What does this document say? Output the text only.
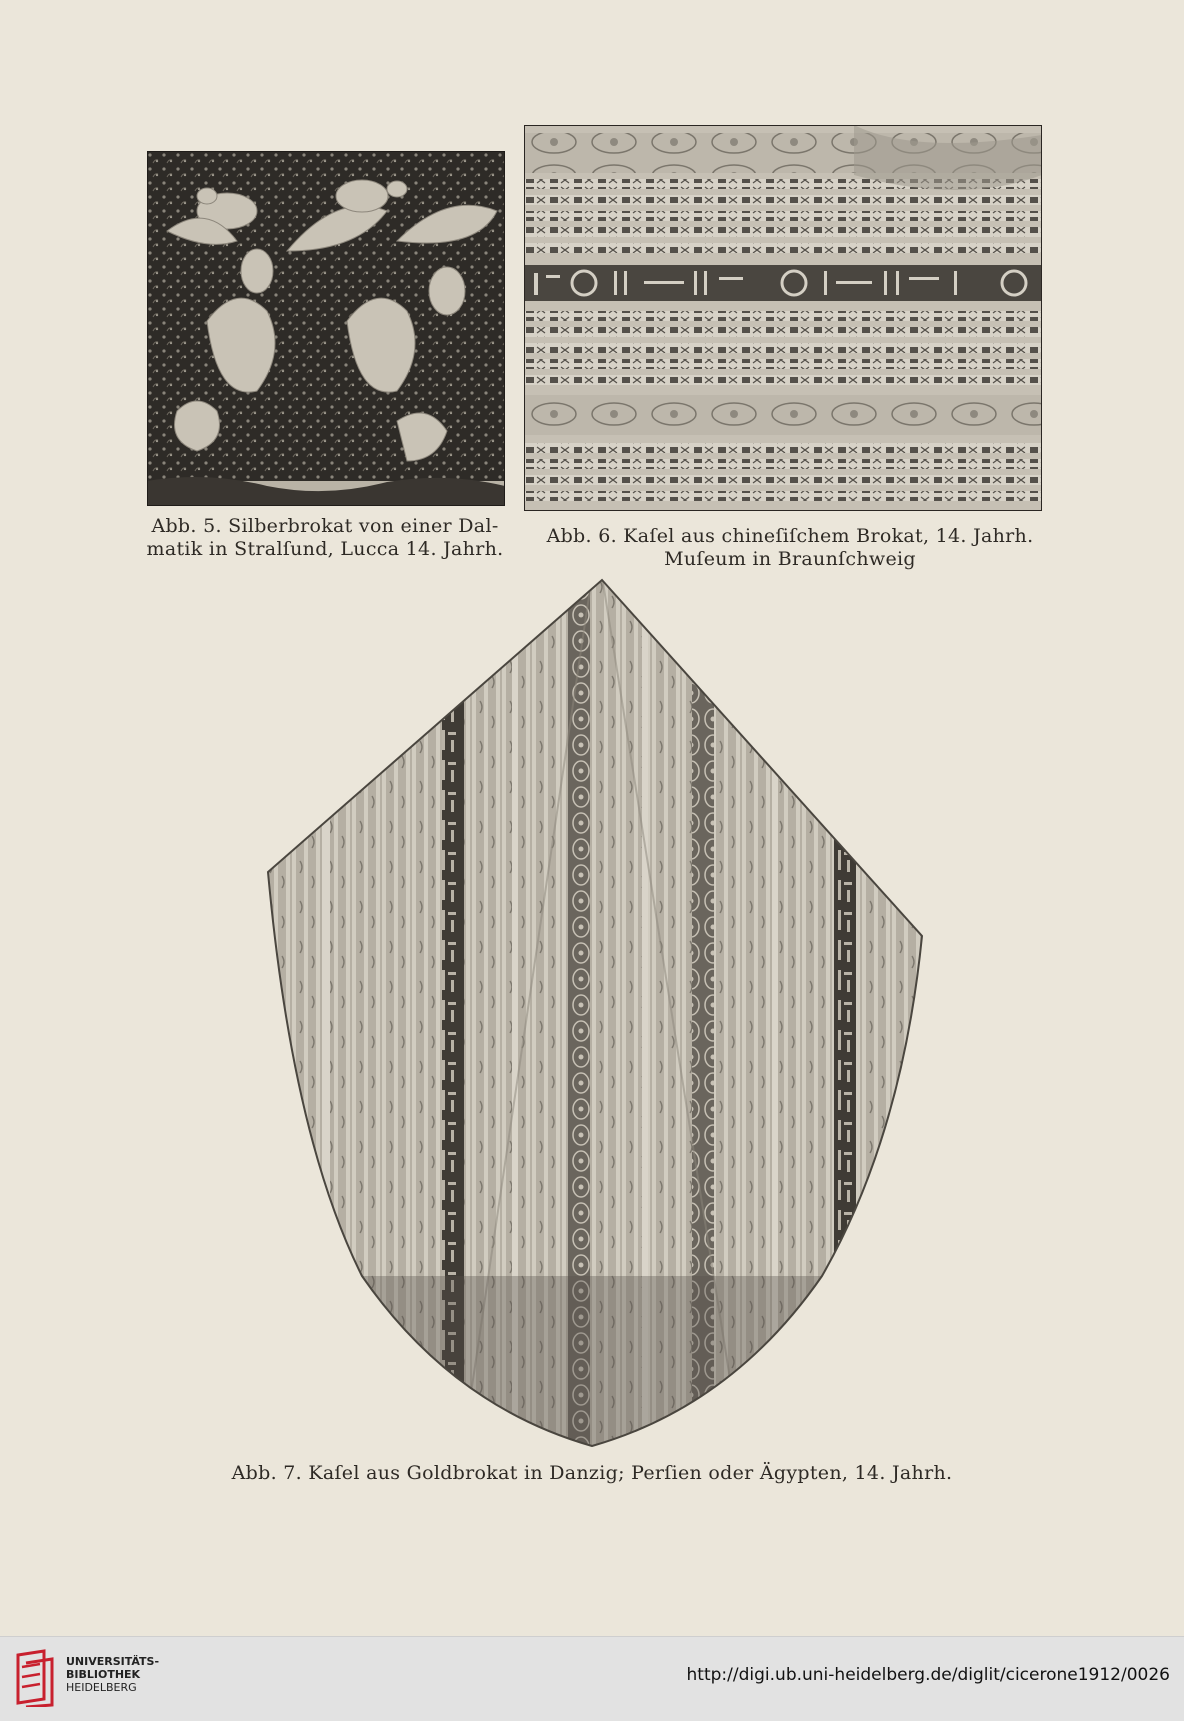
Abb. 5. Silberbrokat von einer Dal-
matik in Stralſund, Lucca 14. Jahrh.
Abb. 6. Kaſel aus chineſiſchem Brokat, 14. Jahrh.
Muſeum in Braunſchweig
Abb. 7. Kaſel aus Goldbrokat in Danzig; Perſien oder Ägypten, 14. Jahrh.
UNIVERSITÄTS-
BIBLIOTHEK
HEIDELBERG
http://digi.ub.uni-heidelberg.de/diglit/cicerone1912/0026
